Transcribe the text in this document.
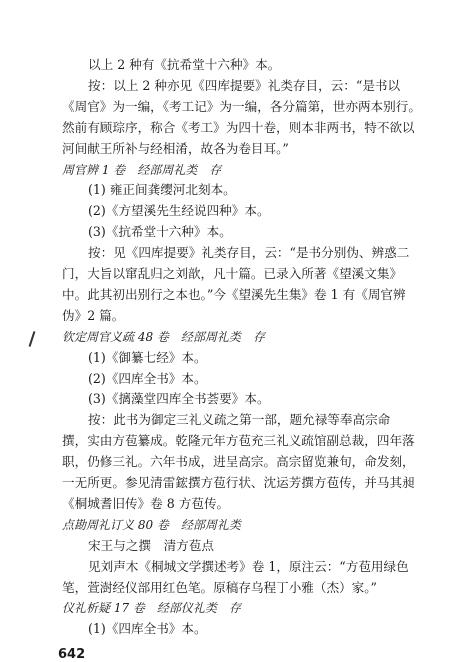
以上 2 种有《抗希堂十六种》本。
按：以上 2 种亦见《四库提要》礼类存目，云：“是书以
《周官》为一编，《考工记》为一编，各分篇第，世亦两本别行。
然前有顾琮序，称合《考工》为四十卷，则本非两书，特不欲以
河间献王所补与经相淆，故各为卷目耳。”
周官辨 1 卷　经部周礼类　存
(1) 雍正间龚缨河北刻本。
(2)《方望溪先生经说四种》本。
(3)《抗希堂十六种》本。
按：见《四库提要》礼类存目，云：“是书分别伪、辨惑二
门，大旨以窜乱归之刘歆，凡十篇。已录入所著《望溪文集》
中。此其初出别行之本也。”今《望溪先生集》卷 1 有《周官辨
伪》2 篇。
钦定周官义疏 48 卷　经部周礼类　存
(1)《御纂七经》本。
(2)《四库全书》本。
(3)《摛藻堂四库全书荟要》本。
按：此书为御定三礼义疏之第一部，题允禄等奉高宗命
撰，实由方苞纂成。乾隆元年方苞充三礼义疏馆副总裁，四年落
职，仍修三礼。六年书成，进呈高宗。高宗留览兼旬，命发刻，
一无所更。参见清雷鋐撰方苞行状、沈运芳撰方苞传，并马其昶
《桐城耆旧传》卷 8 方苞传。
点勘周礼订义 80 卷　经部周礼类
宋王与之撰　清方苞点
见刘声木《桐城文学撰述考》卷 1，原注云：“方苞用绿色
笔，萱澍经仪部用红色笔。原稿存乌程丁小雅（杰）家。”
仪礼析疑 17 卷　经部仪礼类　存
(1)《四库全书》本。
642
